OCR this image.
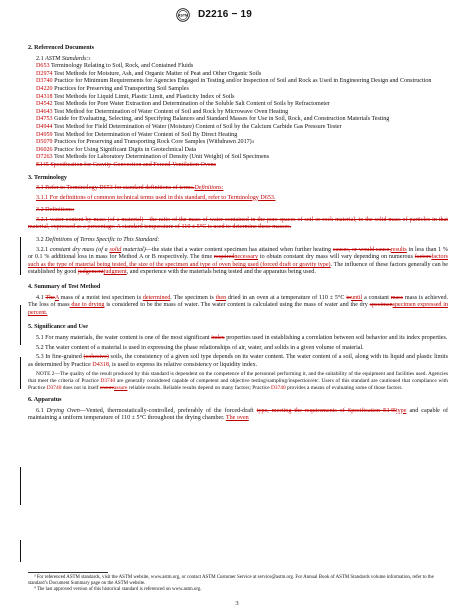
ASTM D2216 − 19
2. Referenced Documents
2.1 ASTM Standards:$^3$
D653 Terminology Relating to Soil, Rock, and Contained Fluids
D2974 Test Methods for Moisture, Ash, and Organic Matter of Peat and Other Organic Soils
D3740 Practice for Minimum Requirements for Agencies Engaged in Testing and/or Inspection of Soil and Rock as Used in Engineering Design and Construction
D4220 Practices for Preserving and Transporting Soil Samples
D4318 Test Methods for Liquid Limit, Plastic Limit, and Plasticity Index of Soils
D4542 Test Methods for Pore Water Extraction and Determination of the Soluble Salt Content of Soils by Refractometer
D4643 Test Method for Determination of Water Content of Soil and Rock by Microwave Oven Heating
D4753 Guide for Evaluating, Selecting, and Specifying Balances and Standard Masses for Use in Soil, Rock, and Construction Materials Testing
D4944 Test Method for Field Determination of Water (Moisture) Content of Soil by the Calcium Carbide Gas Pressure Tester
D4959 Test Method for Determination of Water Content of Soil By Direct Heating
D5079 Practices for Preserving and Transporting Rock Core Samples (Withdrawn 2017)$^4$
D6026 Practice for Using Significant Digits in Geotechnical Data
D7263 Test Methods for Laboratory Determination of Density (Unit Weight) of Soil Specimens
E145 Specification for Gravity-Convection and Forced-Ventilation Ovens
3. Terminology
3.1 Refer to Terminology D653 for standard definitions of terms.Definitions:
3.1.1 For definitions of common technical terms used in this standard, refer to Terminology D653.
3.2 Definitions:
3.2.1 water content by mass (of a material)—the ratio of the mass of water contained in the pore spaces of soil or rock material, to the solid mass of particles in that material, expressed as a percentage. A standard temperature of 110 ± 5°C is used to determine these masses.
3.2 Definitions of Terms Specific to This Standard:
3.2.1 constant dry mass (of a solid material)—the state that a water content specimen has attained when further heating causes, or would cause,results in less than 1 % or 0.1 % additional loss in mass for Method A or B respectively. The time requirednecessary to obtain constant dry mass will vary depending on numerous factorsfactors such as the type of material being tested, the size of the specimen and type of oven being used (forced draft or gravity type). The influence of these factors generally can be established by good judgementjudgment, and experience with the materials being tested and the apparatus being used.
4. Summary of Test Method
4.1 TheA mass of a moist test specimen is determined. The specimen is then dried in an oven at a temperature of 110 ± 5°C tountil a constant mass mass is achieved. The loss of mass due to drying is considered to be the mass of water. The water content is calculated using the mass of water and the dry specimenspecimen expressed in percent.
5. Significance and Use
5.1 For many materials, the water content is one of the most significant index properties used in establishing a correlation between soil behavior and its index properties.
5.2 The water content of a material is used in expressing the phase relationships of air, water, and solids in a given volume of material.
5.3 In fine-grained (cohesive) soils, the consistency of a given soil type depends on its water content. The water content of a soil, along with its liquid and plastic limits as determined by Practice D4318, is used to express its relative consistency or liquidity index.
NOTE 2—The quality of the result produced by this standard is dependent on the competence of the personnel performing it, and the suitability of the equipment and facilities used. Agencies that meet the criteria of Practice D3740 are generally considered capable of competent and objective testing/sampling/inspection/etc. Users of this standard are cautioned that compliance with Practice D3740 does not in itself ensureassure reliable results. Reliable results depend on many factors; Practice D3740 provides a means of evaluating some of those factors.
6. Apparatus
6.1 Drying Oven—Vented, thermostatically-controlled, preferably of the forced-draft type, meeting the requirements of Specification E145type and capable of maintaining a uniform temperature of 110 ± 5°C throughout the drying chamber. The oven

³ For referenced ASTM standards, visit the ASTM website, www.astm.org, or contact ASTM Customer Service at service@astm.org. For Annual Book of ASTM Standards volume information, refer to the standard’s Document Summary page on the ASTM website.

⁴ The last approved version of this historical standard is referenced on www.astm.org.

3
